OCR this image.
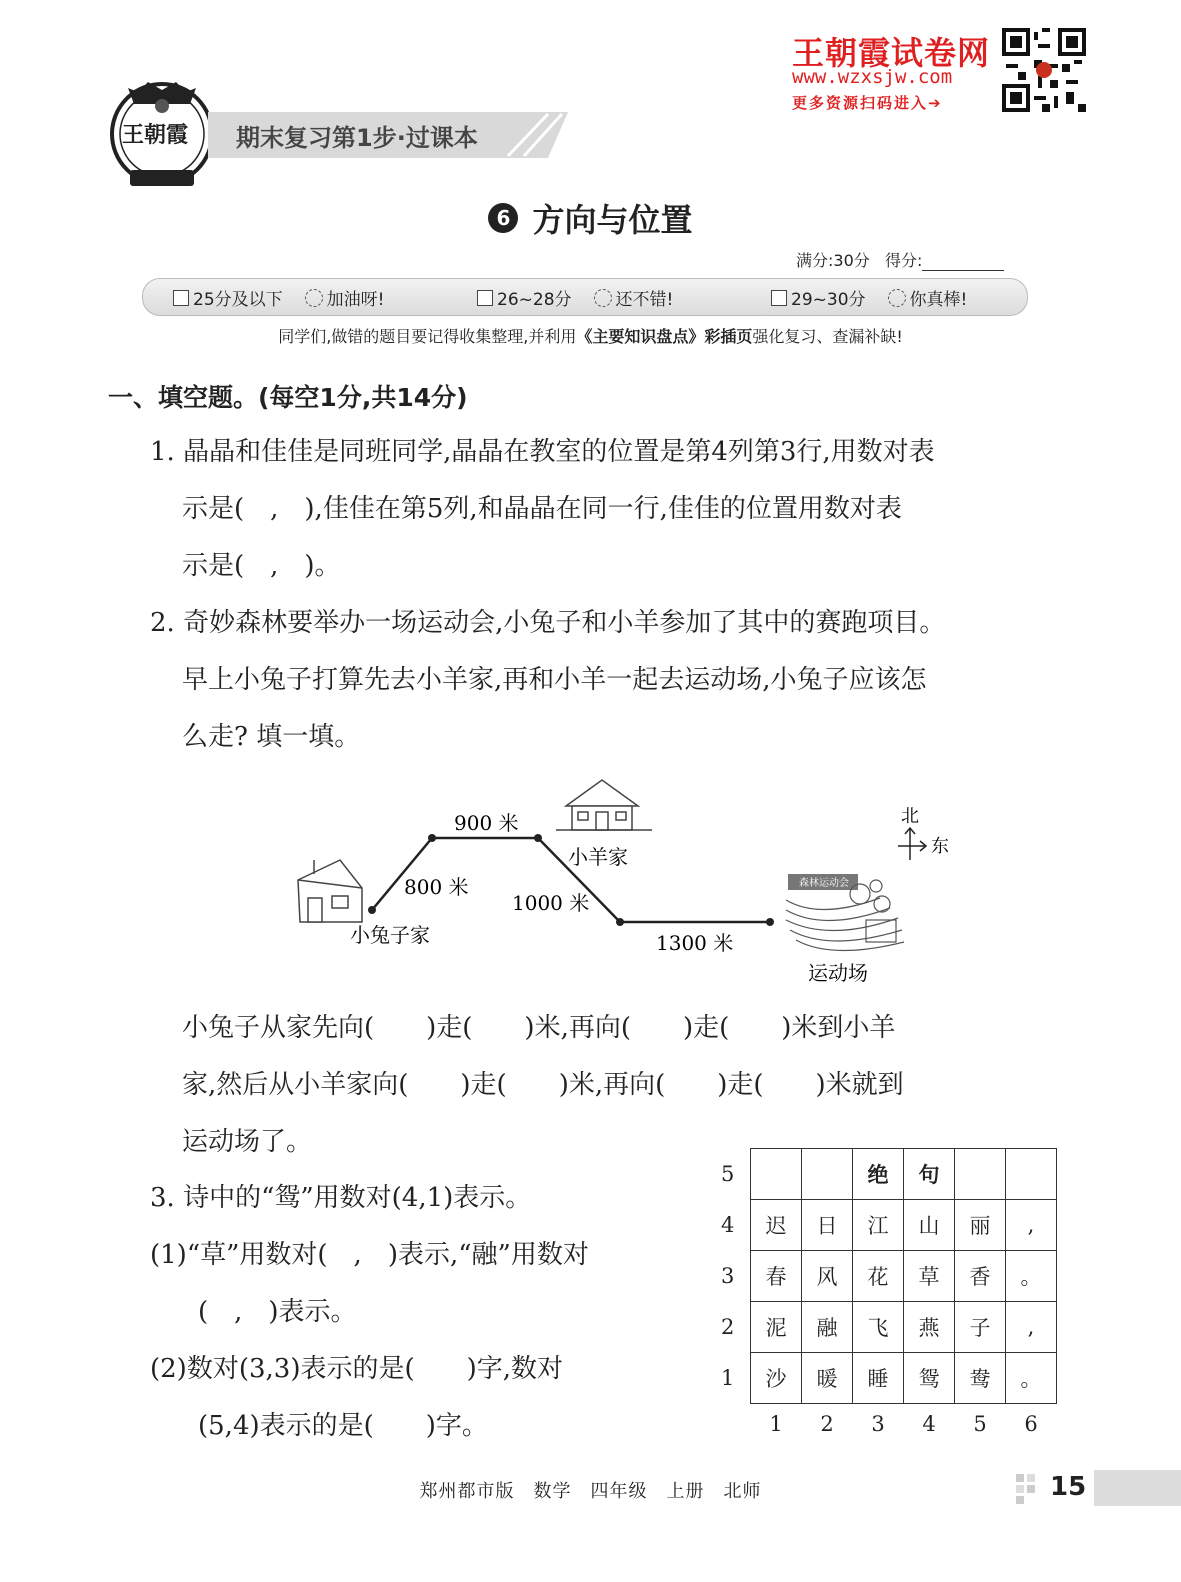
王朝霞 期末复习第1步·过课本
王朝霞试卷网
www.wzxsjw.com
更多资源扫码进入➔
6 方向与位置
满分:30分 得分:
25分及以下	加油呀!	26~28分	还不错!	29~30分	你真棒!
同学们,做错的题目要记得收集整理,并利用《主要知识盘点》彩插页强化复习、查漏补缺!
一、填空题。(每空1分,共14分)
1. 晶晶和佳佳是同班同学,晶晶在教室的位置是第4列第3行,用数对表
示是(　,　),佳佳在第5列,和晶晶在同一行,佳佳的位置用数对表
示是(　,　)。
2. 奇妙森林要举办一场运动会,小兔子和小羊参加了其中的赛跑项目。
早上小兔子打算先去小羊家,再和小羊一起去运动场,小兔子应该怎
么走? 填一填。
森林运动会
北
东
800 米
900 米
1000 米
1300 米
小兔子家
小羊家
运动场
小兔子从家先向(　　)走(　　)米,再向(　　)走(　　)米到小羊
家,然后从小羊家向(　　)走(　　)米,再向(　　)走(　　)米就到
运动场了。
3. 诗中的“鸳”用数对(4,1)表示。
(1)“草”用数对(　,　)表示,“融”用数对
(　,　)表示。
(2)数对(3,3)表示的是(　　)字,数对
(5,4)表示的是(　　)字。
5			绝	句		
4	迟	日	江	山	丽	,
3	春	风	花	草	香	。
2	泥	融	飞	燕	子	,
1	沙	暖	睡	鸳	鸯	。
	1	2	3	4	5	6
郑州都市版　数学　四年级　上册　北师	15
